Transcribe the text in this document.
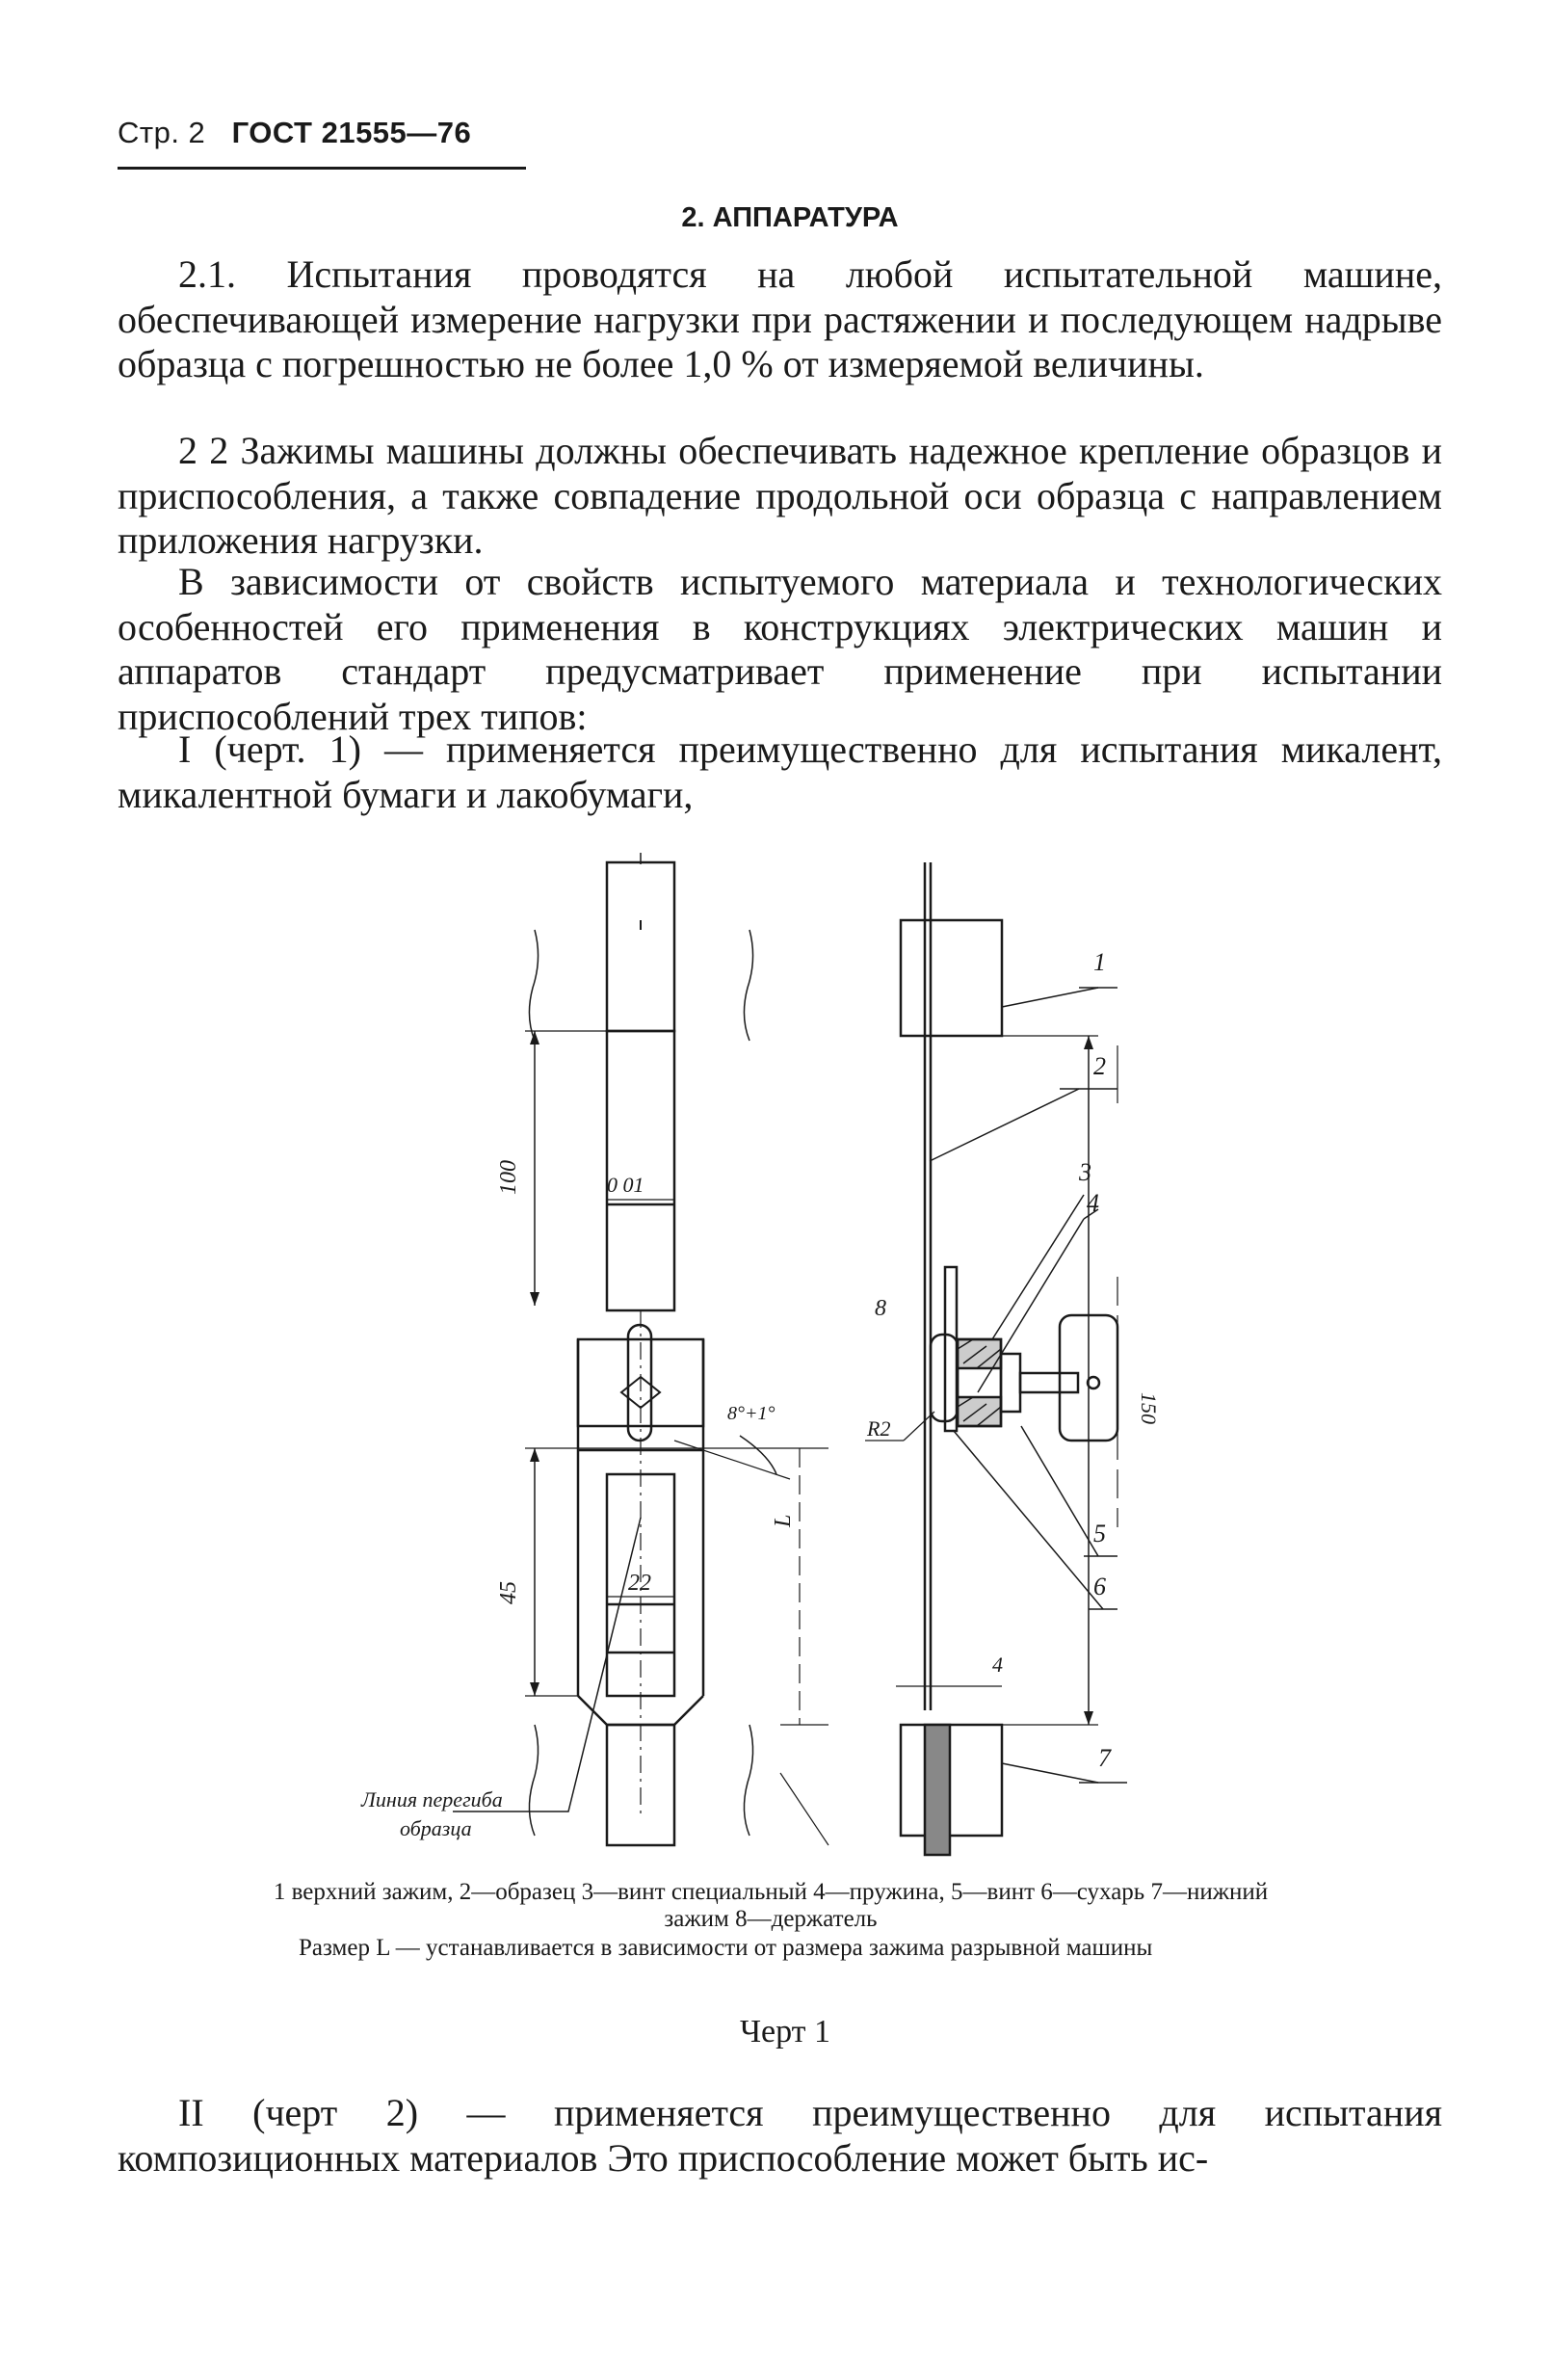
Стр. 2 ГОСТ 21555—76
2. АППАРАТУРА

2.1. Испытания проводятся на любой испытательной машине, обеспечивающей измерение нагрузки при растяжении и последующем надрыве образца с погрешностью не более 1,0 % от измеряемой величины.

2 2 Зажимы машины должны обеспечивать надежное крепление образцов и приспособления, а также совпадение продольной оси образца с направлением приложения нагрузки.

В зависимости от свойств испытуемого материала и технологических особенностей его применения в конструкциях электрических машин и аппаратов стандарт предусматривает применение при испытании приспособлений трех типов:

I (черт. 1) — применяется преимущественно для испытания микалент, микалентной бумаги и лакобумаги,

100
45
0 01
22
8°+1°
L
Линия перегиба
образца
150
4
R2
8
1
2
3
4
5
6
7
1 верхний зажим, 2—образец 3—винт специальный 4—пружина, 5—винт 6—сухарь 7—нижний зажим 8—держатель
Размер L — устанавливается в зависимости от размера зажима разрывной машины
Черт 1

II (черт 2) — применяется преимущественно для испытания композиционных материалов Это приспособление может быть ис-
